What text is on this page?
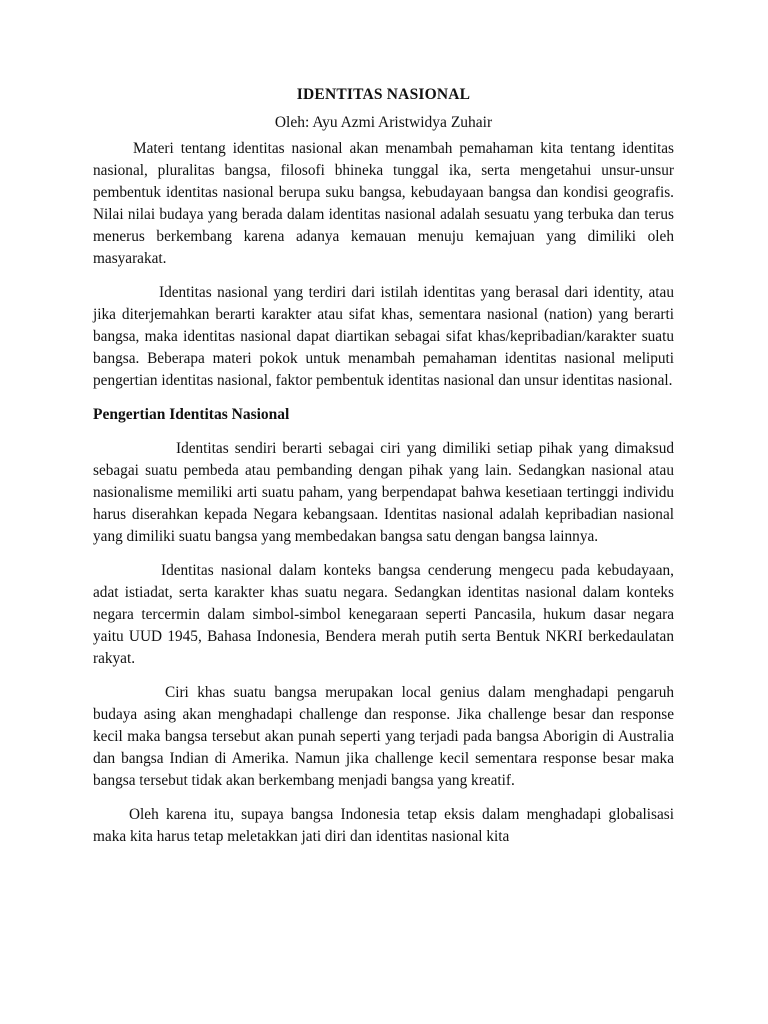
IDENTITAS NASIONAL

Oleh: Ayu Azmi Aristwidya Zuhair

Materi tentang identitas nasional akan menambah pemahaman kita tentang identitas nasional, pluralitas bangsa, filosofi bhineka tunggal ika, serta mengetahui unsur-unsur pembentuk identitas nasional berupa suku bangsa, kebudayaan bangsa dan kondisi geografis. Nilai nilai budaya yang berada dalam identitas nasional adalah sesuatu yang terbuka dan terus menerus berkembang karena adanya kemauan menuju kemajuan yang dimiliki oleh masyarakat.

Identitas nasional yang terdiri dari istilah identitas yang berasal dari identity, atau jika diterjemahkan berarti karakter atau sifat khas, sementara nasional (nation) yang berarti bangsa, maka identitas nasional dapat diartikan sebagai sifat khas/kepribadian/karakter suatu bangsa. Beberapa materi pokok untuk menambah pemahaman identitas nasional meliputi pengertian identitas nasional, faktor pembentuk identitas nasional dan unsur identitas nasional.

Pengertian Identitas Nasional

Identitas sendiri berarti sebagai ciri yang dimiliki setiap pihak yang dimaksud sebagai suatu pembeda atau pembanding dengan pihak yang lain. Sedangkan nasional atau nasionalisme memiliki arti suatu paham, yang berpendapat bahwa kesetiaan tertinggi individu harus diserahkan kepada Negara kebangsaan. Identitas nasional adalah kepribadian nasional yang dimiliki suatu bangsa yang membedakan bangsa satu dengan bangsa lainnya.

Identitas nasional dalam konteks bangsa cenderung mengecu pada kebudayaan, adat istiadat, serta karakter khas suatu negara. Sedangkan identitas nasional dalam konteks negara tercermin dalam simbol-simbol kenegaraan seperti Pancasila, hukum dasar negara yaitu UUD 1945, Bahasa Indonesia, Bendera merah putih serta Bentuk NKRI berkedaulatan rakyat.

Ciri khas suatu bangsa merupakan local genius dalam menghadapi pengaruh budaya asing akan menghadapi challenge dan response. Jika challenge besar dan response kecil maka bangsa tersebut akan punah seperti yang terjadi pada bangsa Aborigin di Australia dan bangsa Indian di Amerika. Namun jika challenge kecil sementara response besar maka bangsa tersebut tidak akan berkembang menjadi bangsa yang kreatif.

Oleh karena itu, supaya bangsa Indonesia tetap eksis dalam menghadapi globalisasi maka kita harus tetap meletakkan jati diri dan identitas nasional kita
